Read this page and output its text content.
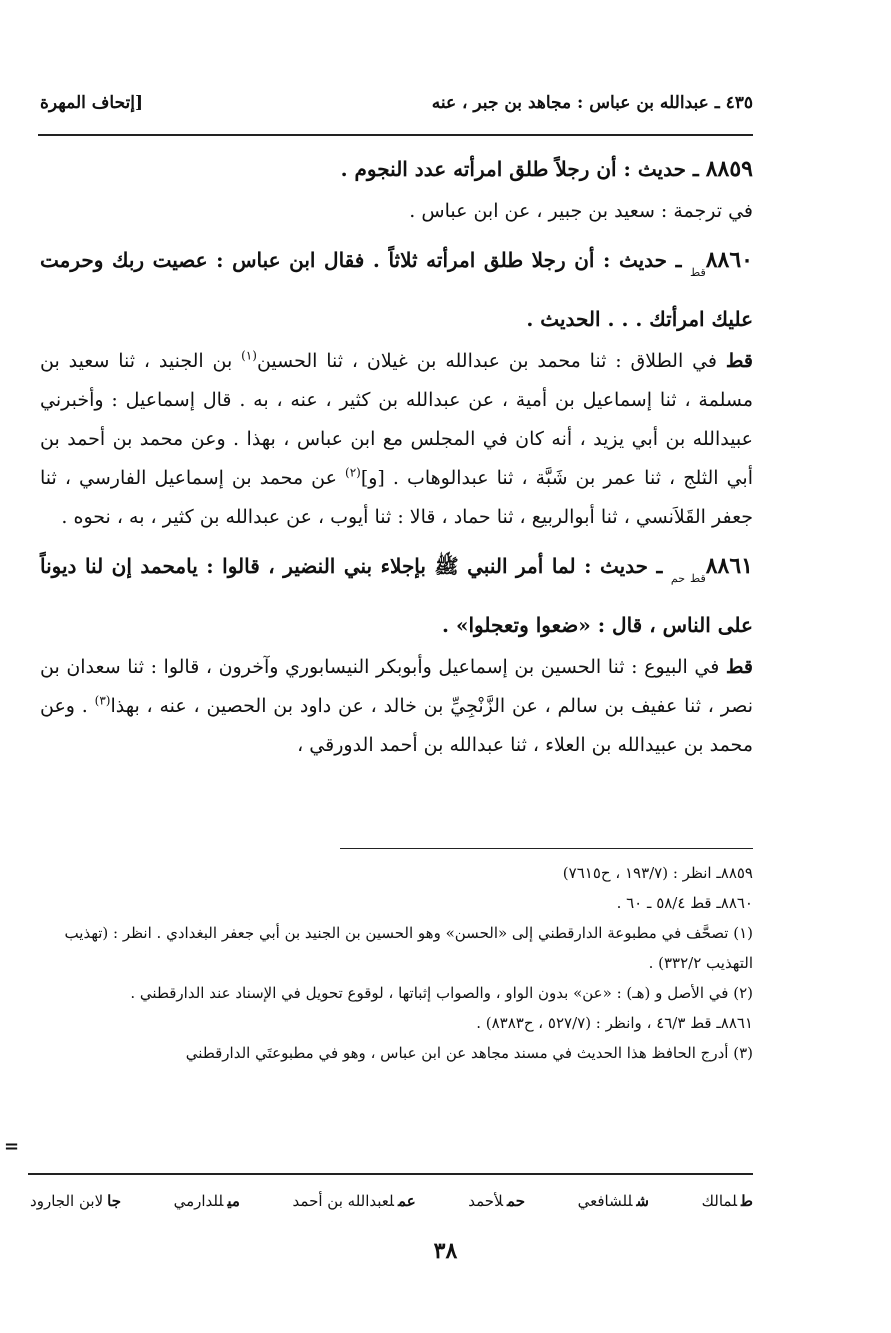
٤٣٥ ـ عبدالله بن عباس : مجاهد بن جبر ، عنه
[إتحاف المهرة

٨٨٥٩ ـ حديث : أن رجلاً طلق امرأته عدد النجوم .

في ترجمة : سعيد بن جبير ، عن ابن عباس .

$٨٨٦٠_{قط}$ ـ حديث : أن رجلا طلق امرأته ثلاثاً . فقال ابن عباس : عصيت ربك وحرمت عليك امرأتك . . . الحديث .

قط في الطلاق : ثنا محمد بن عبدالله بن غيلان ، ثنا الحسين$^{(١)}$ بن الجنيد ، ثنا سعيد بن مسلمة ، ثنا إسماعيل بن أمية ، عن عبدالله بن كثير ، عنه ، به . قال إسماعيل : وأخبرني عبيدالله بن أبي يزيد ، أنه كان في المجلس مع ابن عباس ، بهذا . وعن محمد بن أحمد بن أبي الثلج ، ثنا عمر بن شَبَّة ، ثنا عبدالوهاب . [و]$^{(٢)}$ عن محمد بن إسماعيل الفارسي ، ثنا جعفر القَلاَنسي ، ثنا أبوالربيع ، ثنا حماد ، قالا : ثنا أيوب ، عن عبدالله بن كثير ، به ، نحوه .

$٨٨٦١_{قط حم}$ ـ حديث : لما أمر النبي ﷺ بإجلاء بني النضير ، قالوا : يامحمد إن لنا ديوناً على الناس ، قال : «ضعوا وتعجلوا» .

قط في البيوع : ثنا الحسين بن إسماعيل وأبوبكر النيسابوري وآخرون ، قالوا : ثنا سعدان بن نصر ، ثنا عفيف بن سالم ، عن الزَّنْجِيِّ بن خالد ، عن داود بن الحصين ، عنه ، بهذا$^{(٣)}$ . وعن محمد بن عبيدالله بن العلاء ، ثنا عبدالله بن أحمد الدورقي ،

٨٨٥٩ـ انظر : (١٩٣/٧ ، ح٧٦١٥)

٨٨٦٠ـ قط ٥٨/٤ ـ ٦٠ .

(١) تصحَّف في مطبوعة الدارقطني إلى «الحسن» وهو الحسين بن الجنيد بن أبي جعفر البغدادي . انظر : (تهذيب التهذيب ٣٣٢/٢) .

(٢) في الأصل و (هـ) : «عن» بدون الواو ، والصواب إثباتها ، لوقوع تحويل في الإسناد عند الدارقطني .

٨٨٦١ـ قط ٤٦/٣ ، وانظر : (٥٢٧/٧ ، ح٨٣٨٣) .

(٣) أدرج الحافظ هذا الحديث في مسند مجاهد عن ابن عباس ، وهو في مطبوعتَي الدارقطني

=
طلمالك
شللشافعي
حملأحمد
عملعبدالله بن أحمد
ميللدارمي
جالابن الجارود
٣٨
